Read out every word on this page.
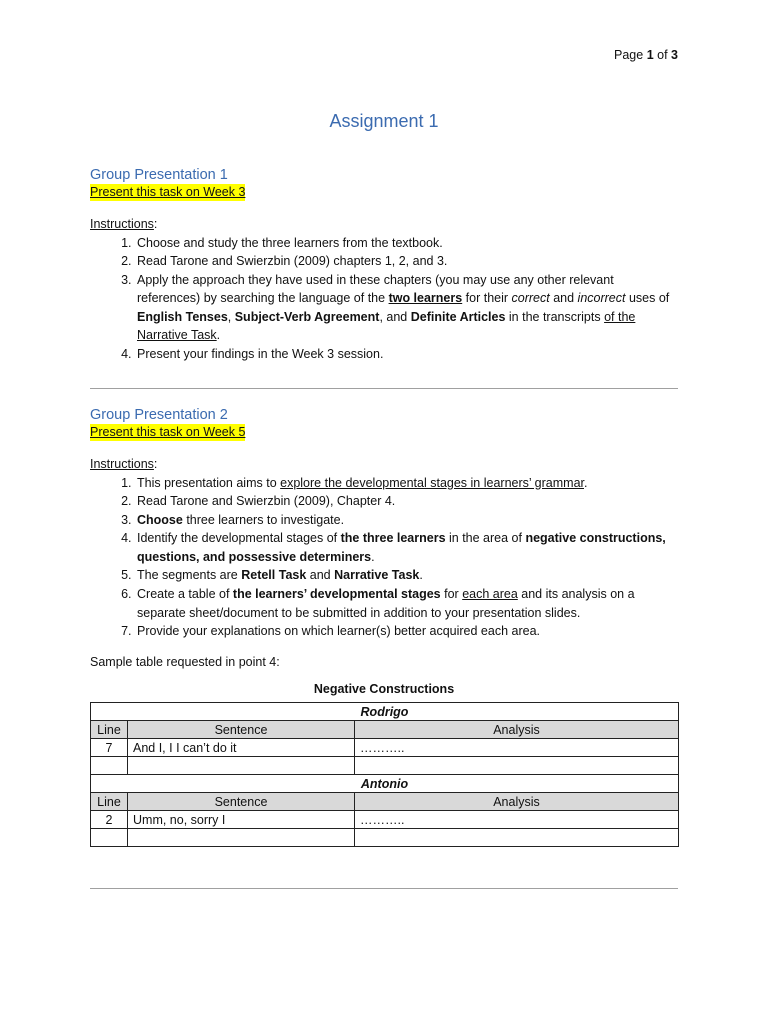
Page 1 of 3
Assignment 1
Group Presentation 1
Present this task on Week 3
Instructions:
1. Choose and study the three learners from the textbook.
2. Read Tarone and Swierzbin (2009) chapters 1, 2, and 3.
3. Apply the approach they have used in these chapters (you may use any other relevant references) by searching the language of the two learners for their correct and incorrect uses of English Tenses, Subject-Verb Agreement, and Definite Articles in the transcripts of the Narrative Task.
4. Present your findings in the Week 3 session.
Group Presentation 2
Present this task on Week 5
Instructions:
1. This presentation aims to explore the developmental stages in learners’ grammar.
2. Read Tarone and Swierzbin (2009), Chapter 4.
3. Choose three learners to investigate.
4. Identify the developmental stages of the three learners in the area of negative constructions, questions, and possessive determiners.
5. The segments are Retell Task and Narrative Task.
6. Create a table of the learners’ developmental stages for each area and its analysis on a separate sheet/document to be submitted in addition to your presentation slides.
7. Provide your explanations on which learner(s) better acquired each area.
Sample table requested in point 4:
Negative Constructions
Rodrigo		
Line	Sentence	Analysis
7	And I, I I can’t do it	………..

Antonio		
Line	Sentence	Analysis
2	Umm, no, sorry I	………..
